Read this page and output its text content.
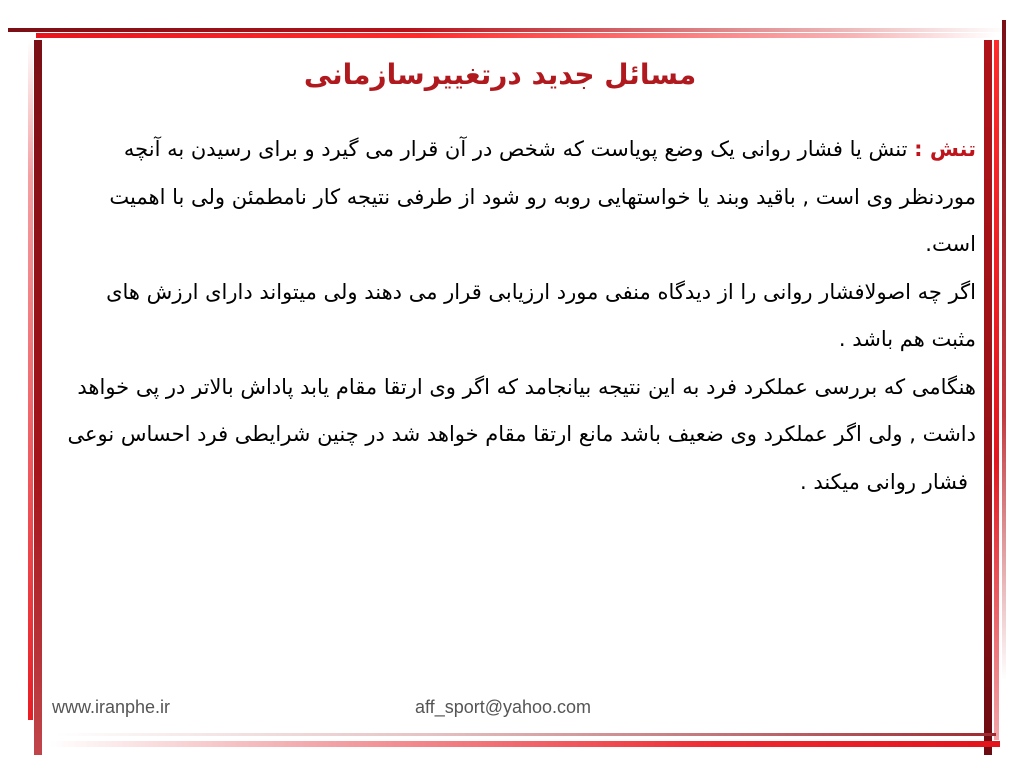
مسائل جدید درتغییرسازمانی

تنش : تنش یا فشار روانی یک وضع پویاست که شخص در آن قرار می گیرد و برای رسیدن به آنچه موردنظر وی است , باقید وبند یا خواستهایی روبه رو شود از طرفی نتیجه کار نامطمئن ولی با اهمیت است.

اگر چه اصولافشار روانی را از دیدگاه منفی مورد ارزیابی قرار می دهند ولی میتواند دارای ارزش های مثبت هم باشد .

هنگامی که بررسی عملکرد فرد به این نتیجه بیانجامد که اگر وی ارتقا مقام یابد پاداش بالاتر در پی خواهد داشت , ولی اگر عملکرد وی ضعیف باشد مانع ارتقا مقام خواهد شد در چنین شرایطی فرد احساس نوعی

فشار روانی میکند .

www.iranphe.ir	aff_sport@yahoo.com
